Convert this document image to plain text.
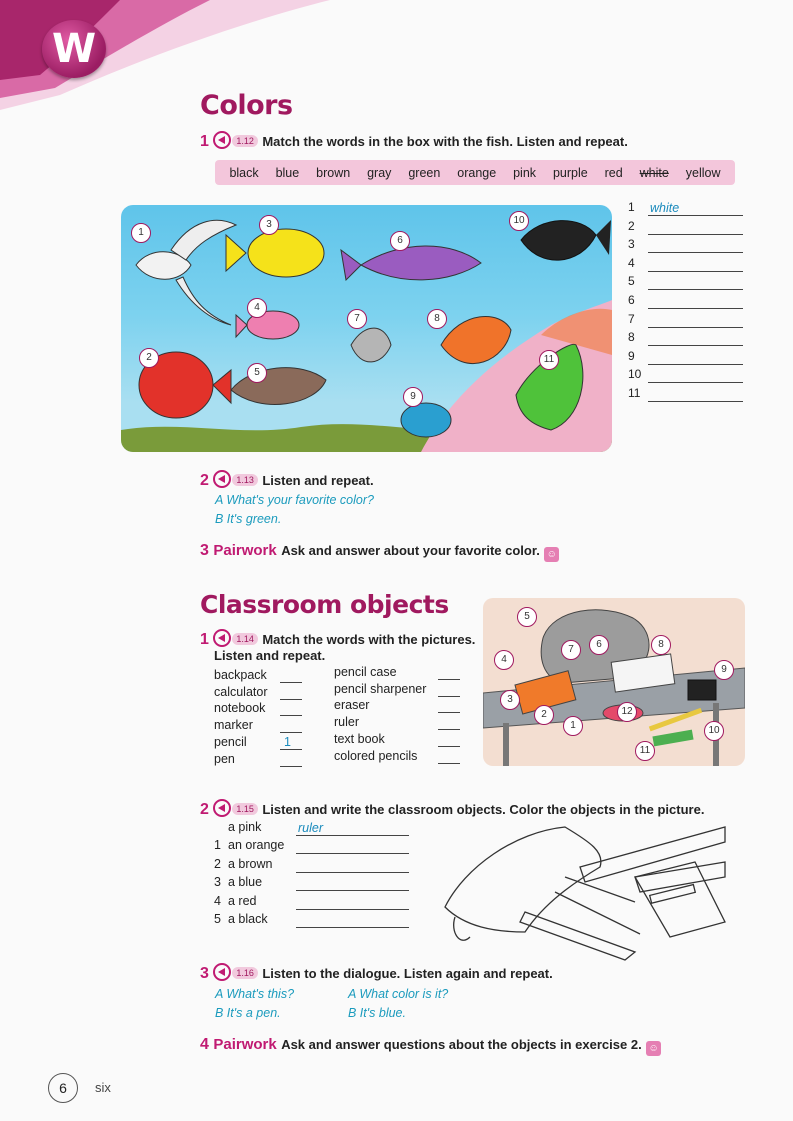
W
Colors
1	1.12 Match the words in the box with the fish. Listen and repeat.
black blue brown gray green orange pink purple red white yellow
1
2
3
4
5
6
7	8
9
10
11
1 white
2
3
4
5
6
7
8
9
10
11
2	1.13 Listen and repeat.
A What's your favorite color?
B It's green.
3 Pairwork Ask and answer about your favorite color. ☺
Classroom objects
1	1.14 Match the words with the pictures.
Listen and repeat.
backpack
calculator
notebook
marker
pencil	1
pen
pencil case
pencil sharpener
eraser
ruler
text book
colored pencils
1
2
3
4
5
6
7	8
9
10
11
12
2	1.15 Listen and write the classroom objects. Color the objects in the picture.
a pink	ruler
1 an orange
2 a brown
3 a blue
4 a red
5 a black
3	1.16 Listen to the dialogue. Listen again and repeat.
A What's this?
B It's a pen.
A What color is it?
B It's blue.
4 Pairwork Ask and answer questions about the objects in exercise 2. ☺
6	six
